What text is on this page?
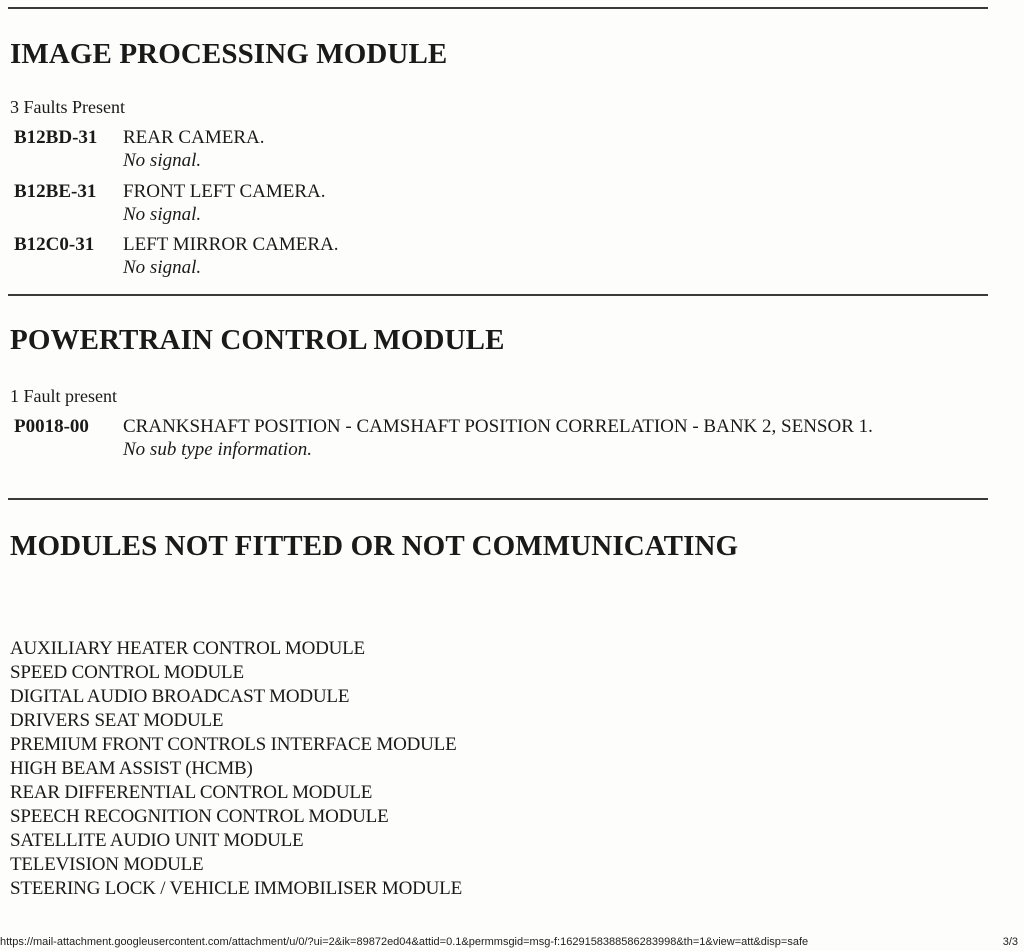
IMAGE PROCESSING MODULE
3 Faults Present
B12BD-31 REAR CAMERA.
No signal.
B12BE-31 FRONT LEFT CAMERA.
No signal.
B12C0-31 LEFT MIRROR CAMERA.
No signal.
POWERTRAIN CONTROL MODULE
1 Fault present
P0018-00 CRANKSHAFT POSITION - CAMSHAFT POSITION CORRELATION - BANK 2, SENSOR 1.
No sub type information.
MODULES NOT FITTED OR NOT COMMUNICATING
AUXILIARY HEATER CONTROL MODULE
SPEED CONTROL MODULE
DIGITAL AUDIO BROADCAST MODULE
DRIVERS SEAT MODULE
PREMIUM FRONT CONTROLS INTERFACE MODULE
HIGH BEAM ASSIST (HCMB)
REAR DIFFERENTIAL CONTROL MODULE
SPEECH RECOGNITION CONTROL MODULE
SATELLITE AUDIO UNIT MODULE
TELEVISION MODULE
STEERING LOCK / VEHICLE IMMOBILISER MODULE
https://mail-attachment.googleusercontent.com/attachment/u/0/?ui=2&ik=89872ed04&attid=0.1&permmsgid=msg-f:1629158388586283998&th=1&view=att&disp=safe	3/3
